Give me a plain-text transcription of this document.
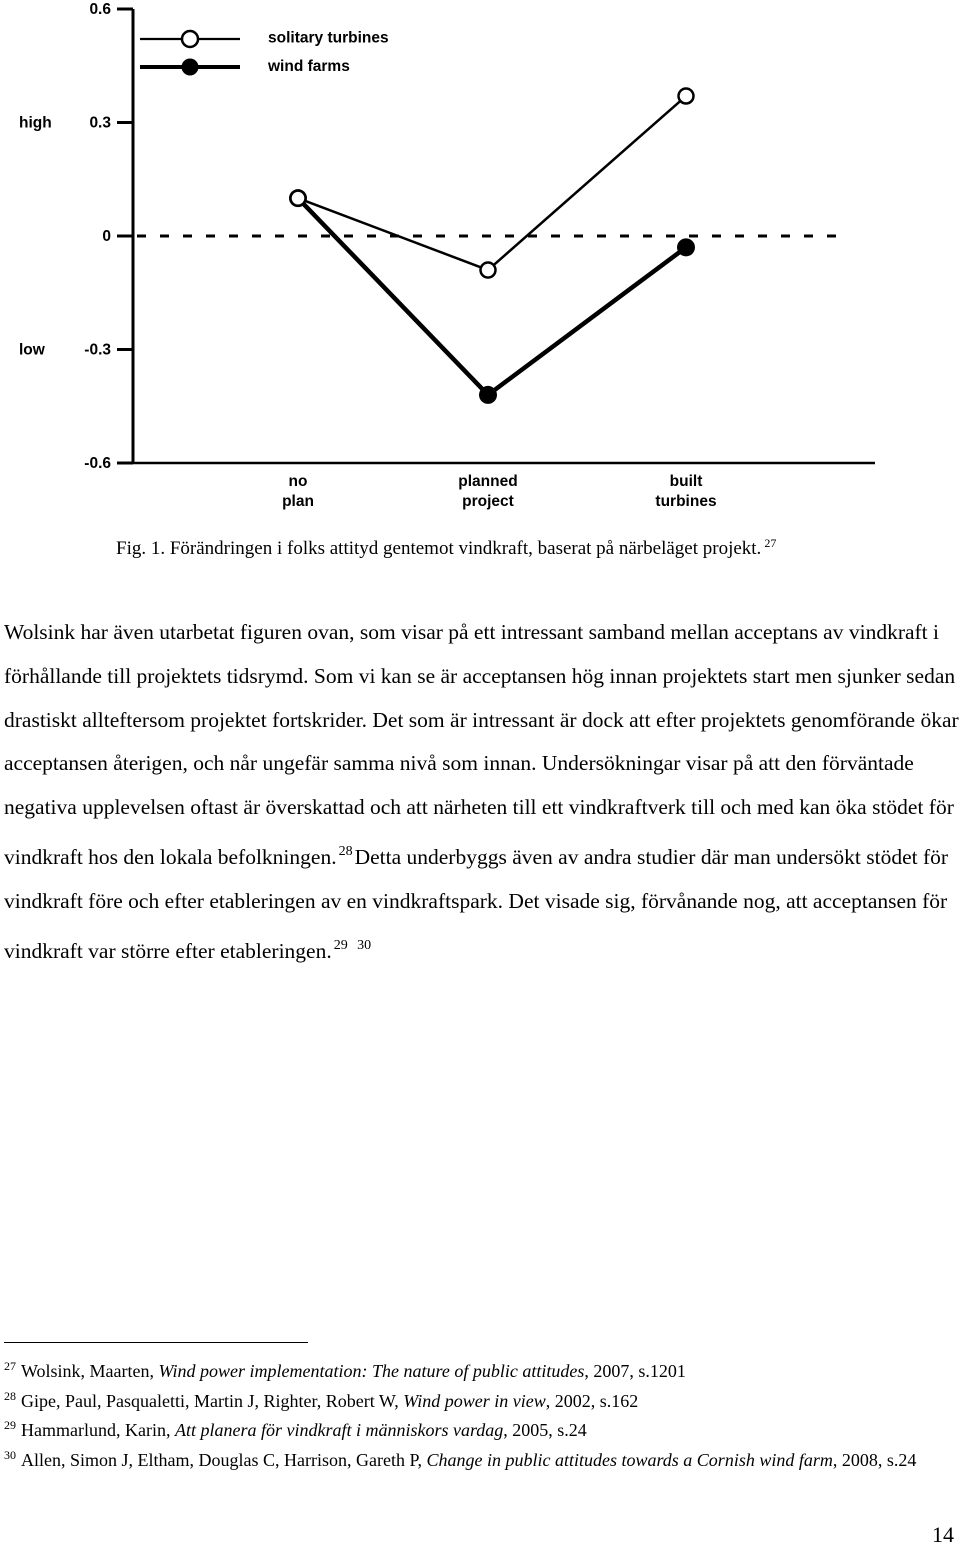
0.6
0.3
0
-0.3
-0.6
high
low
no
plan
planned
project
built
turbines
solitary turbines
wind farms
Fig. 1. Förändringen i folks attityd gentemot vindkraft, baserat på närbeläget projekt. $^{27}$
Wolsink har även utarbetat figuren ovan, som visar på ett intressant samband mellan acceptans av vindkraft i förhållande till projektets tidsrymd. Som vi kan se är acceptansen hög innan projektets start men sjunker sedan drastiskt allteftersom projektet fortskrider. Det som är intressant är dock att efter projektets genomförande ökar acceptansen återigen, och når ungefär samma nivå som innan. Undersökningar visar på att den förväntade negativa upplevelsen oftast är överskattad och att närheten till ett vindkraftverk till och med kan öka stödet för vindkraft hos den lokala befolkningen. $^{28}$Detta underbyggs även av andra studier där man undersökt stödet för vindkraft före och efter etableringen av en vindkraftspark. Det visade sig, förvånande nog, att acceptansen för vindkraft var större efter etableringen. $^{29}$ $^{30}$

$^{27}$ Wolsink, Maarten, Wind power implementation: The nature of public attitudes, 2007, s.1201

$^{28}$ Gipe, Paul, Pasqualetti, Martin J, Righter, Robert W, Wind power in view, 2002, s.162

$^{29}$ Hammarlund, Karin, Att planera för vindkraft i människors vardag, 2005, s.24

$^{30}$ Allen, Simon J, Eltham, Douglas C, Harrison, Gareth P, Change in public attitudes towards a Cornish wind farm, 2008, s.24

14
